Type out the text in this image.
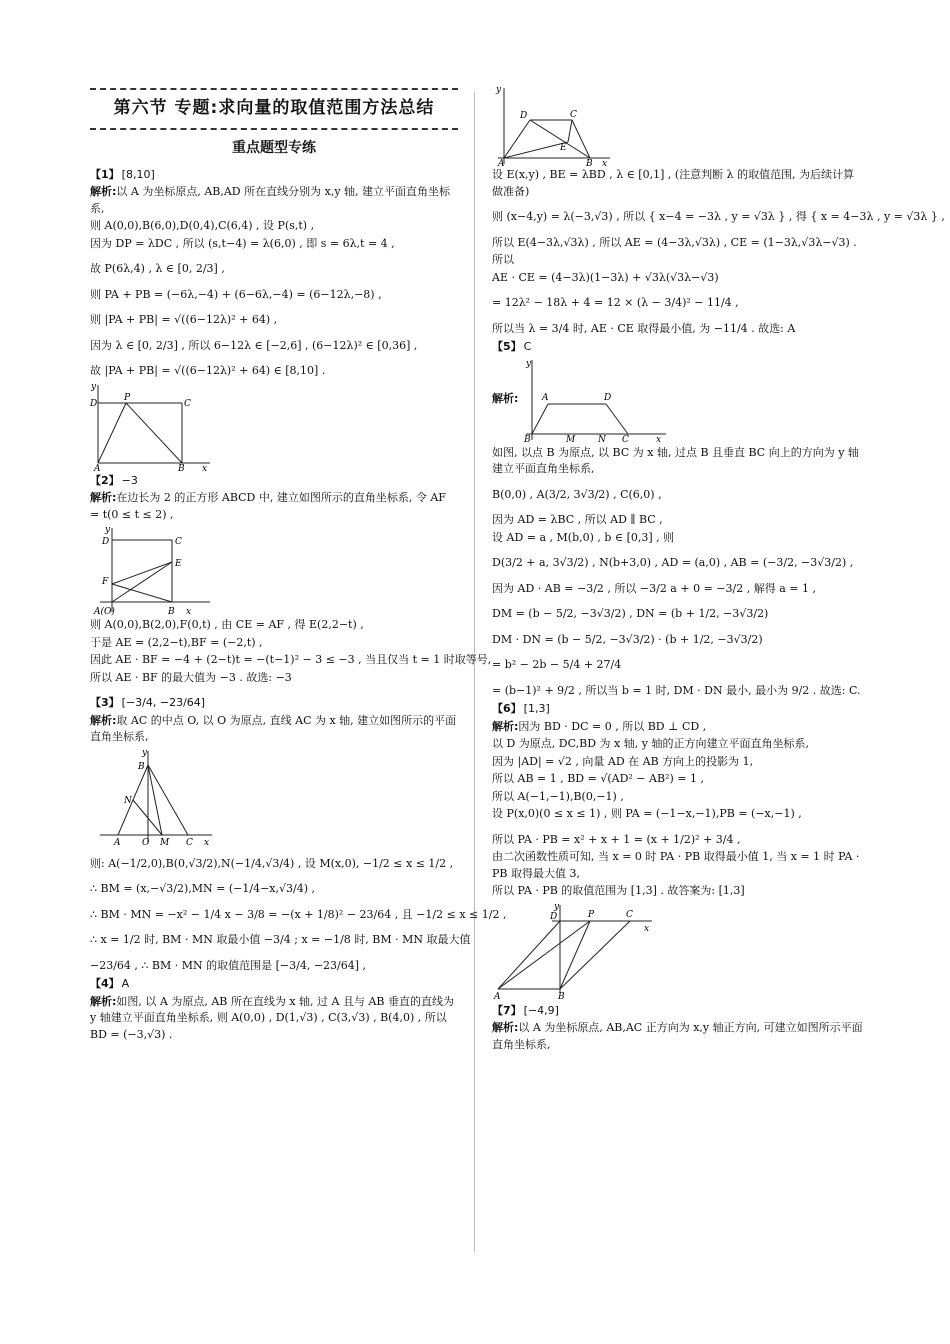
第六节 专题:求向量的取值范围方法总结
重点题型专练
【1】 [8,10]
解析:以 A 为坐标原点, AB,AD 所在直线分别为 x,y 轴, 建立平面直角坐标系,
则 A(0,0),B(6,0),D(0,4),C(6,4) , 设 P(s,t) ,
因为 DP = λDC , 所以 (s,t−4) = λ(6,0) , 即 s = 6λ,t = 4 ,
故 P(6λ,4) , λ ∈ [0, 2/3] ,
则 PA + PB = (−6λ,−4) + (6−6λ,−4) = (6−12λ,−8) ,
则 |PA + PB| = √((6−12λ)² + 64) ,
因为 λ ∈ [0, 2/3] , 所以 6−12λ ∈ [−2,6] , (6−12λ)² ∈ [0,36] ,
故 |PA + PB| = √((6−12λ)² + 64) ∈ [8,10] .
y
D
P
C
A	B x
【2】 −3
解析:在边长为 2 的正方形 ABCD 中, 建立如图所示的直角坐标系, 令 AF = t(0 ≤ t ≤ 2) ,
y
D	C
E
F
A(O)	B x
则 A(0,0),B(2,0),F(0,t) , 由 CE = AF , 得 E(2,2−t) ,
于是 AE = (2,2−t),BF = (−2,t) ,
因此 AE · BF = −4 + (2−t)t = −(t−1)² − 3 ≤ −3 , 当且仅当 t = 1 时取等号,
所以 AE · BF 的最大值为 −3 . 故选: −3
【3】 [−3/4, −23/64]
解析:取 AC 的中点 O, 以 O 为原点, 直线 AC 为 x 轴, 建立如图所示的平面直角坐标系,
y
B
N
A O M C x
则: A(−1/2,0),B(0,√3/2),N(−1/4,√3/4) , 设 M(x,0), −1/2 ≤ x ≤ 1/2 ,
∴ BM = (x,−√3/2),MN = (−1/4−x,√3/4) ,
∴ BM · MN = −x² − 1/4 x − 3/8 = −(x + 1/8)² − 23/64 , 且 −1/2 ≤ x ≤ 1/2 ,
∴ x = 1/2 时, BM · MN 取最小值 −3/4 ; x = −1/8 时, BM · MN 取最大值
−23/64 , ∴ BM · MN 的取值范围是 [−3/4, −23/64] ,
【4】 A
解析:如图, 以 A 为原点, AB 所在直线为 x 轴, 过 A 且与 AB 垂直的直线为 y 轴建立平面直角坐标系, 则 A(0,0) , D(1,√3) , C(3,√3) , B(4,0) , 所以 BD = (−3,√3) .
y
D	C
E
A	B x
设 E(x,y) , BE = λBD , λ ∈ [0,1] , (注意判断 λ 的取值范围, 为后续计算做准备)
则 (x−4,y) = λ(−3,√3) , 所以 { x−4 = −3λ , y = √3λ } , 得 { x = 4−3λ , y = √3λ } ,
所以 E(4−3λ,√3λ) , 所以 AE = (4−3λ,√3λ) , CE = (1−3λ,√3λ−√3) .
所以
AE · CE = (4−3λ)(1−3λ) + √3λ(√3λ−√3)
= 12λ² − 18λ + 4 = 12 × (λ − 3/4)² − 11/4 ,
所以当 λ = 3/4 时, AE · CE 取得最小值, 为 −11/4 . 故选: A
【5】 C
解析:
y
A	D
B	M	N C	x
如图, 以点 B 为原点, 以 BC 为 x 轴, 过点 B 且垂直 BC 向上的方向为 y 轴建立平面直角坐标系,
B(0,0) , A(3/2, 3√3/2) , C(6,0) ,
因为 AD = λBC , 所以 AD ∥ BC ,
设 AD = a , M(b,0) , b ∈ [0,3] , 则
D(3/2 + a, 3√3/2) , N(b+3,0) , AD = (a,0) , AB = (−3/2, −3√3/2) ,
因为 AD · AB = −3/2 , 所以 −3/2 a + 0 = −3/2 , 解得 a = 1 ,
DM = (b − 5/2, −3√3/2) , DN = (b + 1/2, −3√3/2)
DM · DN = (b − 5/2, −3√3/2) · (b + 1/2, −3√3/2)
= b² − 2b − 5/4 + 27/4
= (b−1)² + 9/2 , 所以当 b = 1 时, DM · DN 最小, 最小为 9/2 . 故选: C.
【6】 [1,3]
解析:因为 BD · DC = 0 , 所以 BD ⊥ CD ,
以 D 为原点, DC,BD 为 x 轴, y 轴的正方向建立平面直角坐标系,
因为 |AD| = √2 , 向量 AD 在 AB 方向上的投影为 1,
所以 AB = 1 , BD = √(AD² − AB²) = 1 ,
所以 A(−1,−1),B(0,−1) ,
设 P(x,0)(0 ≤ x ≤ 1) , 则 PA = (−1−x,−1),PB = (−x,−1) ,
所以 PA · PB = x² + x + 1 = (x + 1/2)² + 3/4 ,
由二次函数性质可知, 当 x = 0 时 PA · PB 取得最小值 1, 当 x = 1 时 PA · PB 取得最大值 3,
所以 PA · PB 的取值范围为 [1,3] . 故答案为: [1,3]
y
D	P	C
x
A	B
【7】 [−4,9]
解析:以 A 为坐标原点, AB,AC 正方向为 x,y 轴正方向, 可建立如图所示平面直角坐标系,
